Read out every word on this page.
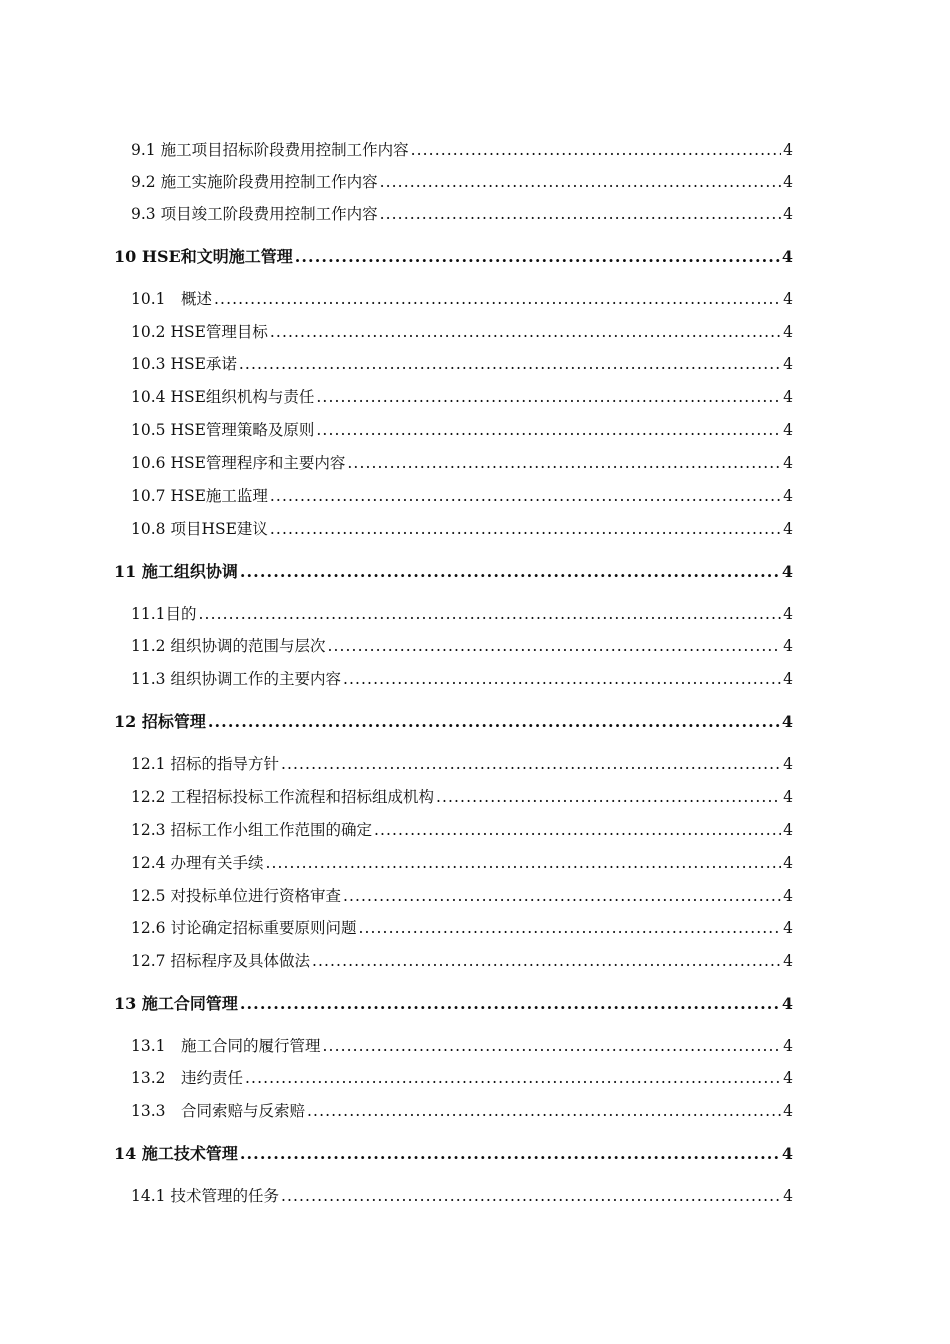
9.1 施工项目招标阶段费用控制工作内容 .....	4
9.2 施工实施阶段费用控制工作内容 .....	4
9.3 项目竣工阶段费用控制工作内容 .....	4
10 HSE和文明施工管理 .....	4
10.1　概述 .....	4
10.2 HSE管理目标 .....	4
10.3 HSE承诺 .....	4
10.4 HSE组织机构与责任 .....	4
10.5 HSE管理策略及原则 .....	4
10.6 HSE管理程序和主要内容 .....	4
10.7 HSE施工监理 .....	4
10.8 项目HSE建议 .....	4
11 施工组织协调 .....	4
11.1目的 .....	4
11.2 组织协调的范围与层次 .....	4
11.3 组织协调工作的主要内容 .....	4
12 招标管理 .....	4
12.1 招标的指导方针 .....	4
12.2 工程招标投标工作流程和招标组成机构 .....	4
12.3 招标工作小组工作范围的确定 .....	4
12.4 办理有关手续 .....	4
12.5 对投标单位进行资格审查 .....	4
12.6 讨论确定招标重要原则问题 .....	4
12.7 招标程序及具体做法 .....	4
13 施工合同管理 .....	4
13.1　施工合同的履行管理 .....	4
13.2　违约责任 .....	4
13.3　合同索赔与反索赔 .....	4
14 施工技术管理 .....	4
14.1 技术管理的任务 .....	4
